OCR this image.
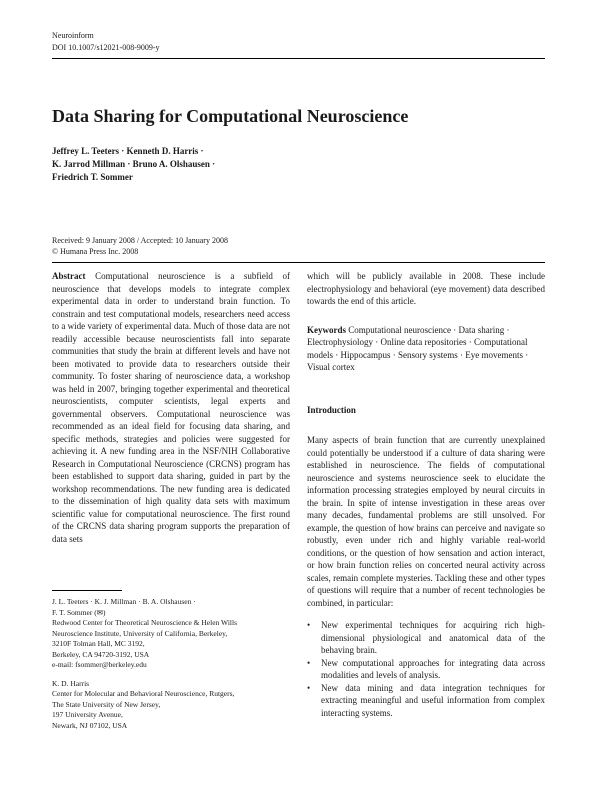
Neuroinform
DOI 10.1007/s12021-008-9009-y
Data Sharing for Computational Neuroscience
Jeffrey L. Teeters · Kenneth D. Harris ·
K. Jarrod Millman · Bruno A. Olshausen ·
Friedrich T. Sommer
Received: 9 January 2008 / Accepted: 10 January 2008
© Humana Press Inc. 2008
Abstract Computational neuroscience is a subfield of neuroscience that develops models to integrate complex experimental data in order to understand brain function. To constrain and test computational models, researchers need access to a wide variety of experimental data. Much of those data are not readily accessible because neuroscientists fall into separate communities that study the brain at different levels and have not been motivated to provide data to researchers outside their community. To foster sharing of neuroscience data, a workshop was held in 2007, bringing together experimental and theoretical neuroscientists, computer scientists, legal experts and governmental observers. Computational neuroscience was recommended as an ideal field for focusing data sharing, and specific methods, strategies and policies were suggested for achieving it. A new funding area in the NSF/NIH Collaborative Research in Computational Neuroscience (CRCNS) program has been established to support data sharing, guided in part by the workshop recommendations. The new funding area is dedicated to the dissemination of high quality data sets with maximum scientific value for computational neuroscience. The first round of the CRCNS data sharing program supports the preparation of data sets

J. L. Teeters · K. J. Millman · B. A. Olshausen ·

F. T. Sommer (✉)

Redwood Center for Theoretical Neuroscience & Helen Wills

Neuroscience Institute, University of California, Berkeley,

3210F Tolman Hall, MC 3192,

Berkeley, CA 94720-3192, USA

e-mail: fsommer@berkeley.edu

K. D. Harris

Center for Molecular and Behavioral Neuroscience, Rutgers,

The State University of New Jersey,

197 University Avenue,

Newark, NJ 07102, USA

which will be publicly available in 2008. These include electrophysiology and behavioral (eye movement) data described towards the end of this article.
Keywords Computational neuroscience · Data sharing · Electrophysiology · Online data repositories · Computational models · Hippocampus · Sensory systems · Eye movements · Visual cortex
Introduction
Many aspects of brain function that are currently unexplained could potentially be understood if a culture of data sharing were established in neuroscience. The fields of computational neuroscience and systems neuroscience seek to elucidate the information processing strategies employed by neural circuits in the brain. In spite of intense investigation in these areas over many decades, fundamental problems are still unsolved. For example, the question of how brains can perceive and navigate so robustly, even under rich and highly variable real-world conditions, or the question of how sensation and action interact, or how brain function relies on concerted neural activity across scales, remain complete mysteries. Tackling these and other types of questions will require that a number of recent technologies be combined, in particular:
• New experimental techniques for acquiring rich high-dimensional physiological and anatomical data of the behaving brain.
• New computational approaches for integrating data across modalities and levels of analysis.
• New data mining and data integration techniques for extracting meaningful and useful information from complex interacting systems.
